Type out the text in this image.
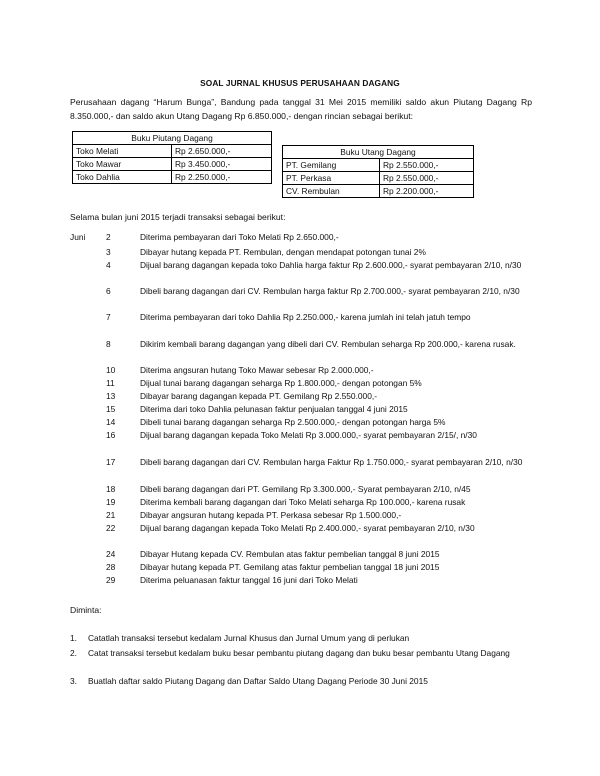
SOAL JURNAL KHUSUS PERUSAHAAN DAGANG
Perusahaan dagang “Harum Bunga”, Bandung pada tanggal 31 Mei 2015 memiliki saldo akun Piutang Dagang Rp 8.350.000,- dan saldo akun Utang Dagang Rp 6.850.000,- dengan rincian sebagai berikut:
Buku Piutang Dagang	
Toko Melati	Rp 2.650.000,-
Toko Mawar	Rp 3.450.000,-
Toko Dahlia	Rp 2.250.000,-
Buku Utang Dagang	
PT. Gemilang	Rp 2.550.000,-
PT. Perkasa	Rp 2.550.000,-
CV. Rembulan	Rp 2.200.000,-
Selama bulan juni 2015 terjadi transaksi sebagai berikut:
Juni 2	Diterima pembayaran dari Toko Melati Rp 2.650.000,-
3	Dibayar hutang kepada PT. Rembulan, dengan mendapat potongan tunai 2%
4	Dijual barang dagangan kepada toko Dahlia harga faktur Rp 2.600.000,- syarat pembayaran 2/10, n/30
6	Dibeli barang dagangan dari CV. Rembulan harga faktur Rp 2.700.000,- syarat pembayaran 2/10, n/30
7	Diterima pembayaran dari toko Dahlia Rp 2.250.000,- karena jumlah ini telah jatuh tempo
8	Dikirim kembali barang dagangan yang dibeli dari CV. Rembulan seharga Rp 200.000,- karena rusak.
10	Diterima angsuran hutang Toko Mawar sebesar Rp 2.000.000,-
11	Dijual tunai barang dagangan seharga Rp 1.800.000,- dengan potongan 5%
13	Dibayar barang dagangan kepada PT. Gemilang Rp 2.550.000,-
15	Diterima dari toko Dahlia pelunasan faktur penjualan tanggal 4 juni 2015
14	Dibeli tunai barang dagangan seharga Rp 2.500.000,- dengan potongan harga 5%
16	Dijual barang dagangan kepada Toko Melati Rp 3.000.000,- syarat pembayaran 2/15/, n/30
17	Dibeli barang dagangan dari CV. Rembulan harga Faktur Rp 1.750.000,- syarat pembayaran 2/10, n/30
18	Dibeli barang dagangan dari PT. Gemilang Rp 3.300.000,- Syarat pembayaran 2/10, n/45
19	Diterima kembali barang dagangan dari Toko Melati seharga Rp 100.000,- karena rusak
21	Dibayar angsuran hutang kepada PT. Perkasa sebesar Rp 1.500.000,-
22	Dijual barang dagangan kepada Toko Melati Rp 2.400.000,- syarat pembayaran 2/10, n/30
24	Dibayar Hutang kepada CV. Rembulan atas faktur pembelian tanggal 8 juni 2015
28	Dibayar hutang kepada PT. Gemilang atas faktur pembelian tanggal 18 juni 2015
29	Diterima peluanasan faktur tanggal 16 juni dari Toko Melati
Diminta:
1. Catatlah transaksi tersebut kedalam Jurnal Khusus dan Jurnal Umum yang di perlukan
2. Catat transaksi tersebut kedalam buku besar pembantu piutang dagang dan buku besar pembantu Utang Dagang
3. Buatlah daftar saldo Piutang Dagang dan Daftar Saldo Utang Dagang Periode 30 Juni 2015
